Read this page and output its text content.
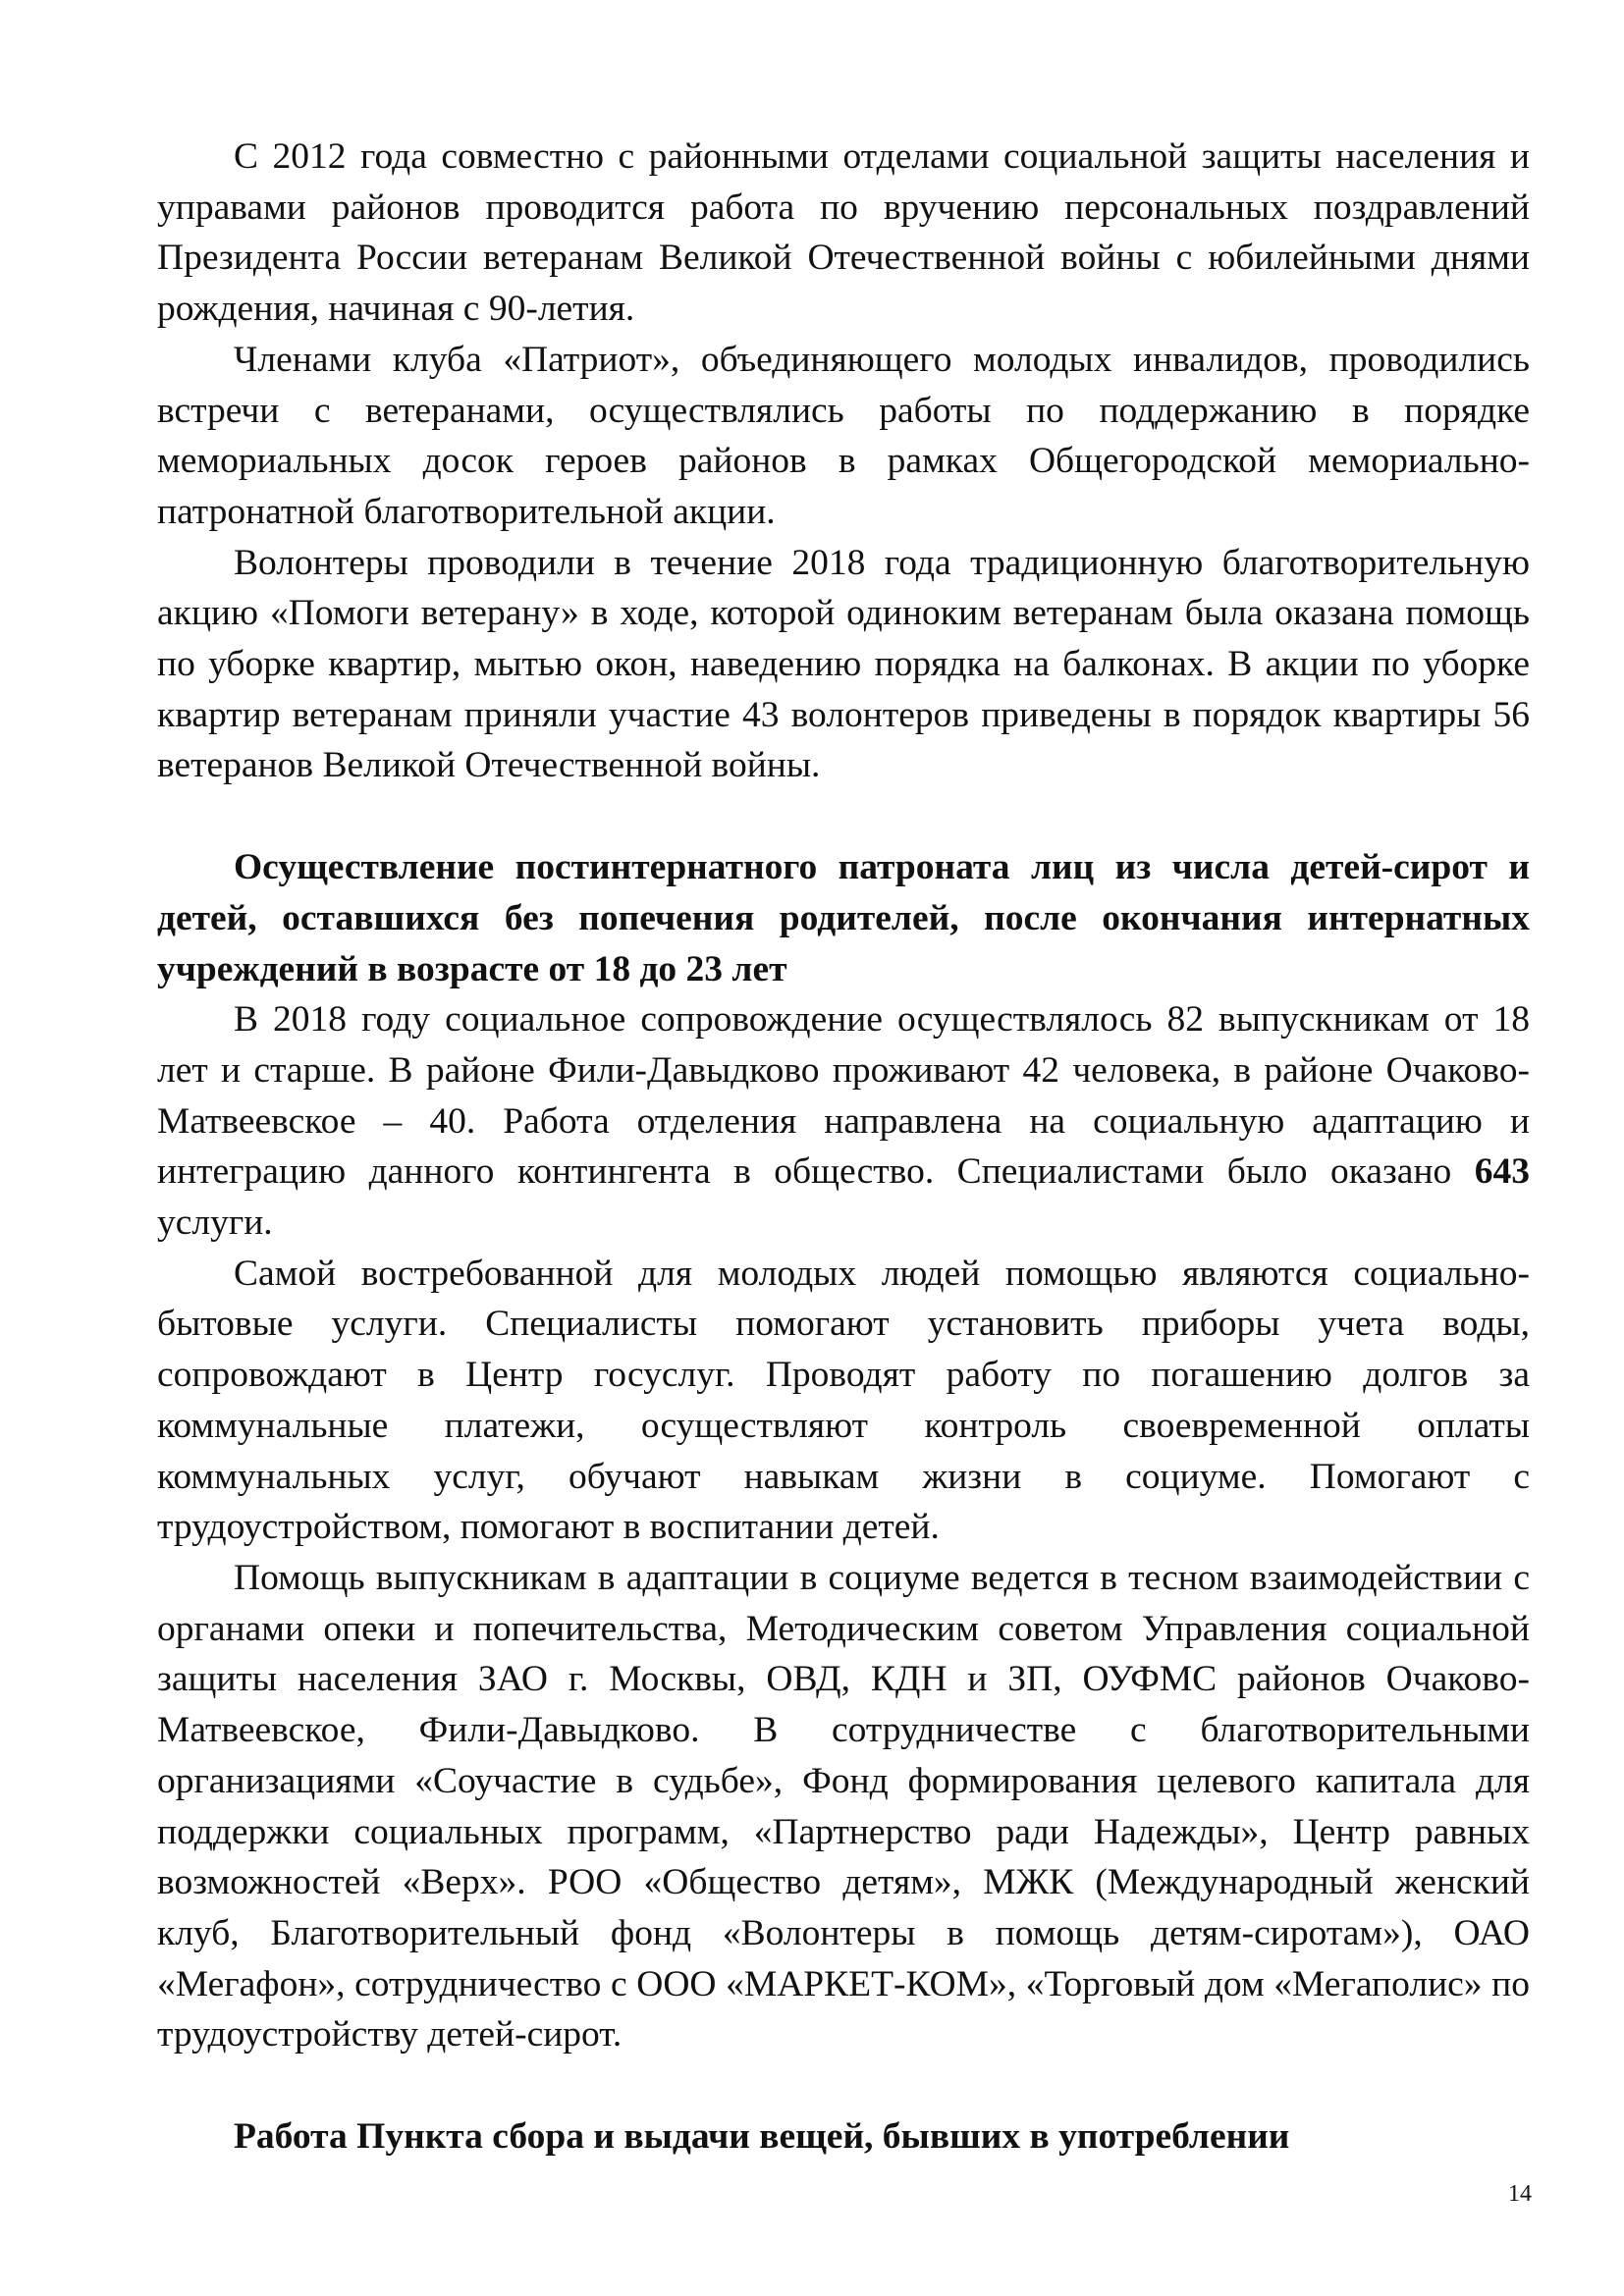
С 2012 года совместно с районными отделами социальной защиты населения и управами районов проводится работа по вручению персональных поздравлений Президента России ветеранам Великой Отечественной войны с юбилейными днями рождения, начиная с 90-летия.

Членами клуба «Патриот», объединяющего молодых инвалидов, проводились встречи с ветеранами, осуществлялись работы по поддержанию в порядке мемориальных досок героев районов в рамках Общегородской мемориально-патронатной благотворительной акции.

Волонтеры проводили в течение 2018 года традиционную благотворительную акцию «Помоги ветерану» в ходе, которой одиноким ветеранам была оказана помощь по уборке квартир, мытью окон, наведению порядка на балконах. В акции по уборке квартир ветеранам приняли участие 43 волонтеров приведены в порядок квартиры 56 ветеранов Великой Отечественной войны.

Осуществление постинтернатного патроната лиц из числа детей-сирот и детей, оставшихся без попечения родителей, после окончания интернатных учреждений в возрасте от 18 до 23 лет

В 2018 году социальное сопровождение осуществлялось 82 выпускникам от 18 лет и старше. В районе Фили-Давыдково проживают 42 человека, в районе Очаково-Матвеевское – 40. Работа отделения направлена на социальную адаптацию и интеграцию данного контингента в общество. Специалистами было оказано 643 услуги.

Самой востребованной для молодых людей помощью являются социально-бытовые услуги. Специалисты помогают установить приборы учета воды, сопровождают в Центр госуслуг. Проводят работу по погашению долгов за коммунальные платежи, осуществляют контроль своевременной оплаты коммунальных услуг, обучают навыкам жизни в социуме. Помогают с трудоустройством, помогают в воспитании детей.

Помощь выпускникам в адаптации в социуме ведется в тесном взаимодействии с органами опеки и попечительства, Методическим советом Управления социальной защиты населения ЗАО г. Москвы, ОВД, КДН и ЗП, ОУФМС районов Очаково-Матвеевское, Фили-Давыдково. В сотрудничестве с благотворительными организациями «Соучастие в судьбе», Фонд формирования целевого капитала для поддержки социальных программ, «Партнерство ради Надежды», Центр равных возможностей «Верх». РОО «Общество детям», МЖК (Международный женский клуб, Благотворительный фонд «Волонтеры в помощь детям-сиротам»), ОАО «Мегафон», сотрудничество с ООО «МАРКЕТ-КОМ», «Торговый дом «Мегаполис» по трудоустройству детей-сирот.

Работа Пункта сбора и выдачи вещей, бывших в употреблении

14
